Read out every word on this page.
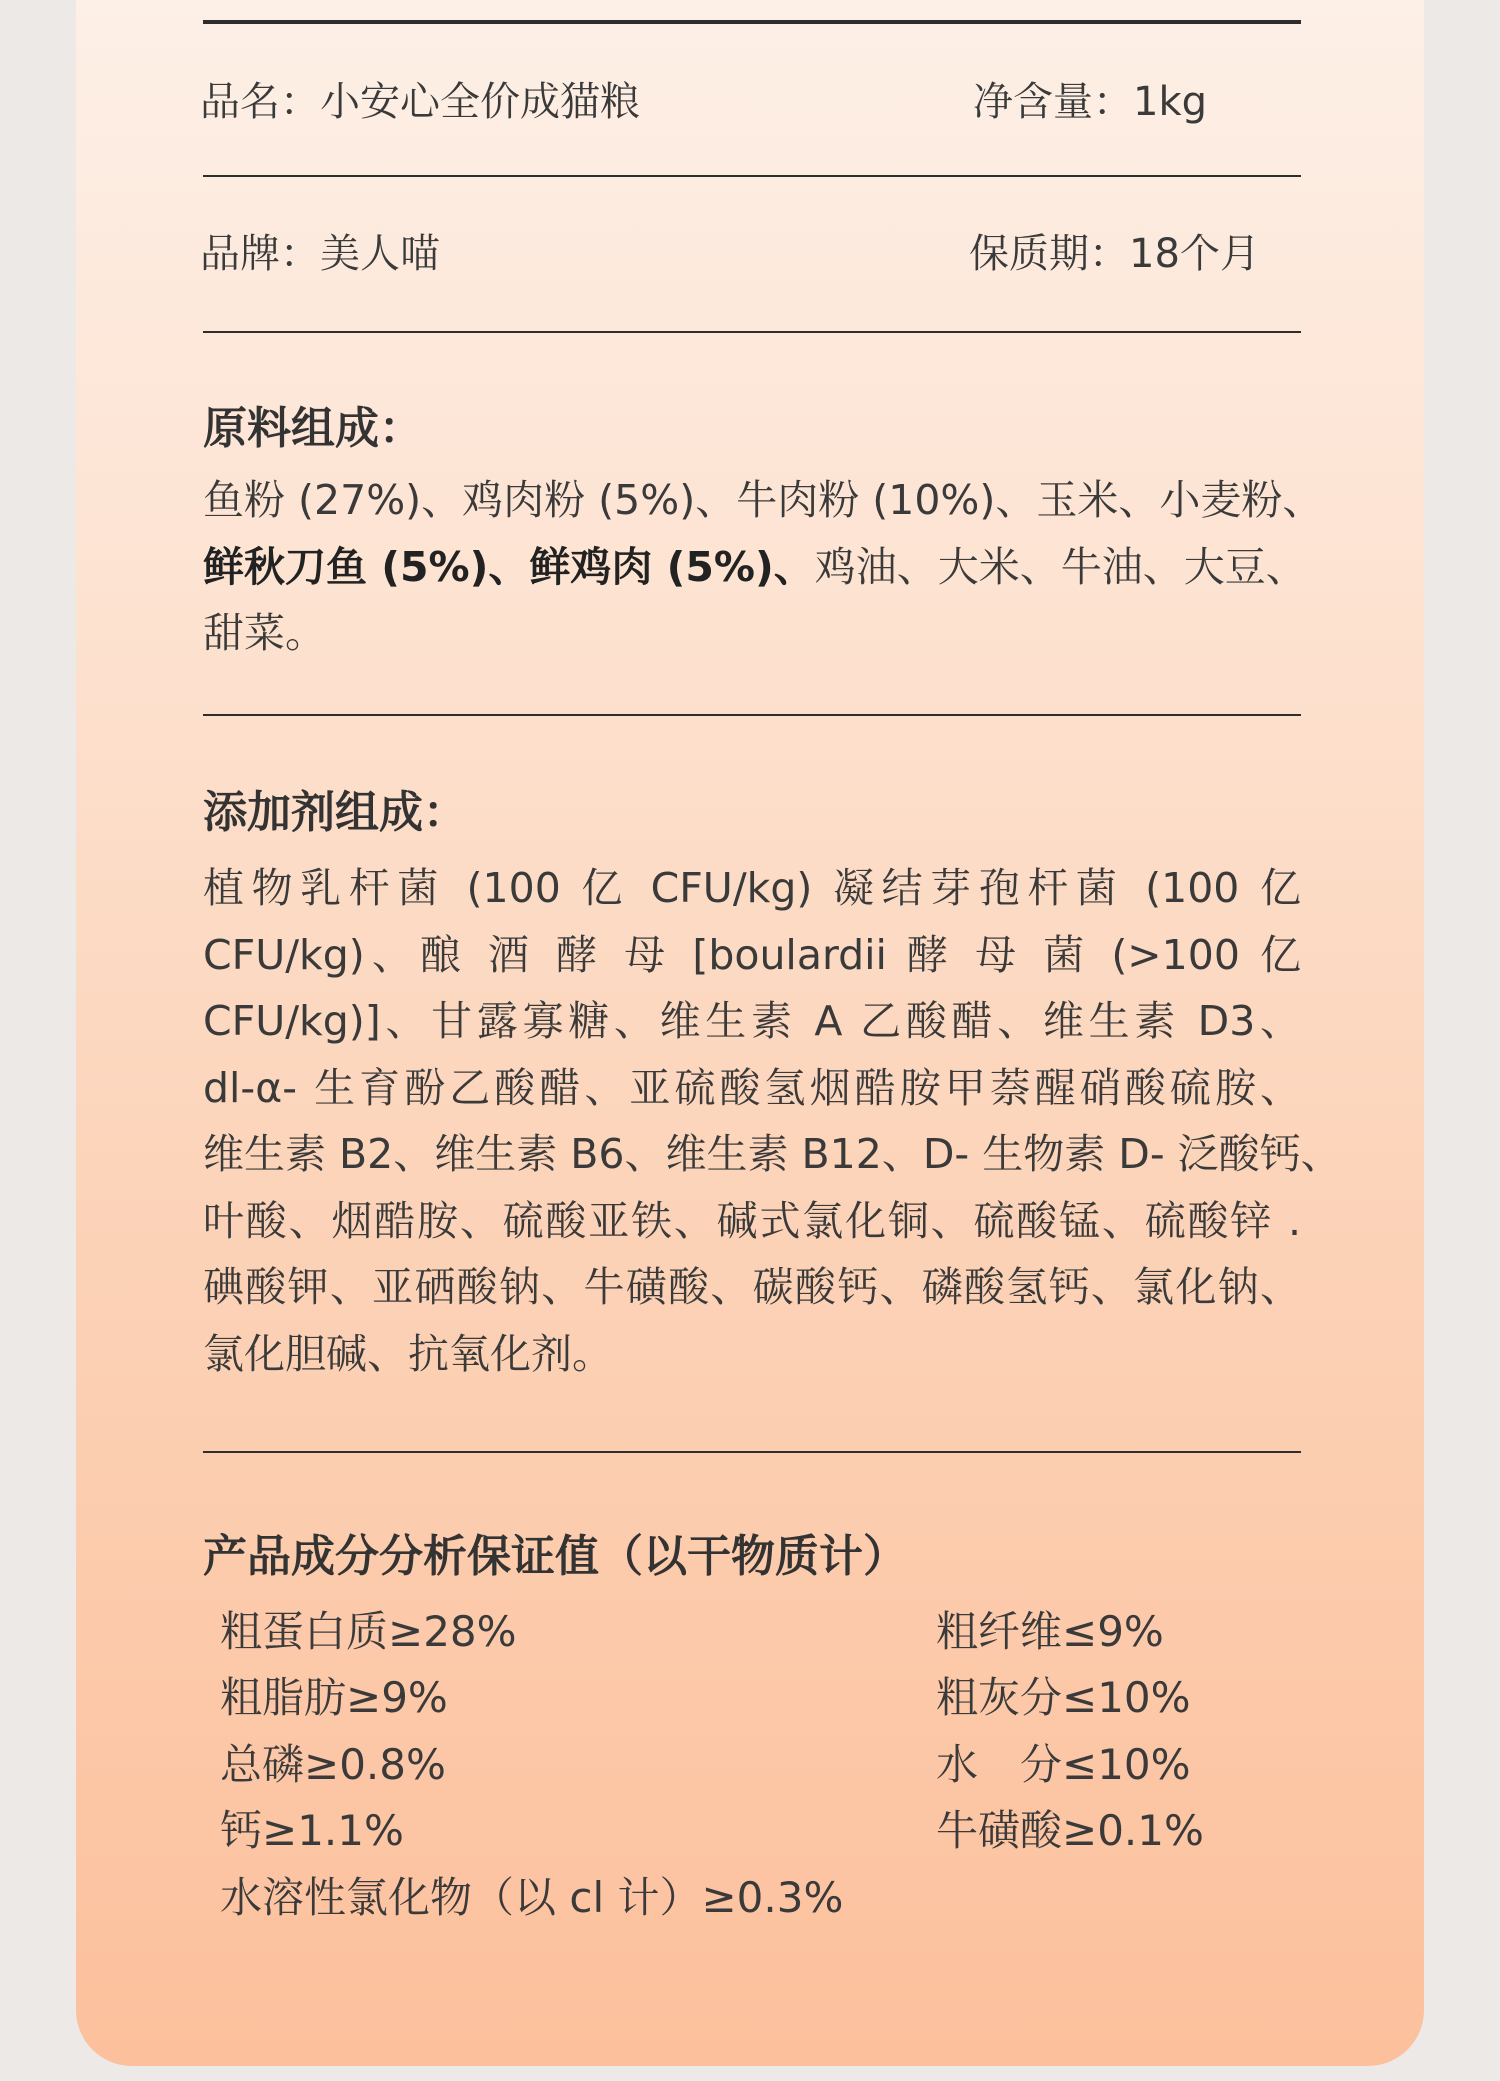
品名：小安心全价成猫粮	净含量：1kg
品牌：美人喵	保质期：18个月
原料组成：
鱼粉 (27%)、鸡肉粉 (5%)、牛肉粉 (10%)、玉米、小麦粉、
鲜秋刀鱼 (5%)、鲜鸡肉 (5%)、鸡油、大米、牛油、大豆、
甜菜。
添加剂组成：
植物乳杆菌 (100 亿 CFU/kg) 凝结芽孢杆菌 (100 亿
CFU/kg)、酿 酒 酵 母 [boulardii 酵 母 菌 (>100 亿
CFU/kg)]、甘露寡糖、维生素 A 乙酸醋、维生素 D3、
dl-α- 生育酚乙酸醋、亚硫酸氢烟酷胺甲萘醒硝酸硫胺、
维生素 B2、维生素 B6、维生素 B12、D- 生物素 D- 泛酸钙、
叶酸、烟酷胺、硫酸亚铁、碱式氯化铜、硫酸锰、硫酸锌 .
碘酸钾、亚硒酸钠、牛磺酸、碳酸钙、磷酸氢钙、氯化钠、
氯化胆碱、抗氧化剂。
产品成分分析保证值（以干物质计）
粗蛋白质≥28%
粗脂肪≥9%
总磷≥0.8%
钙≥1.1%
水溶性氯化物（以 cl 计）≥0.3%
粗纤维≤9%
粗灰分≤10%
水　分≤10%
牛磺酸≥0.1%
